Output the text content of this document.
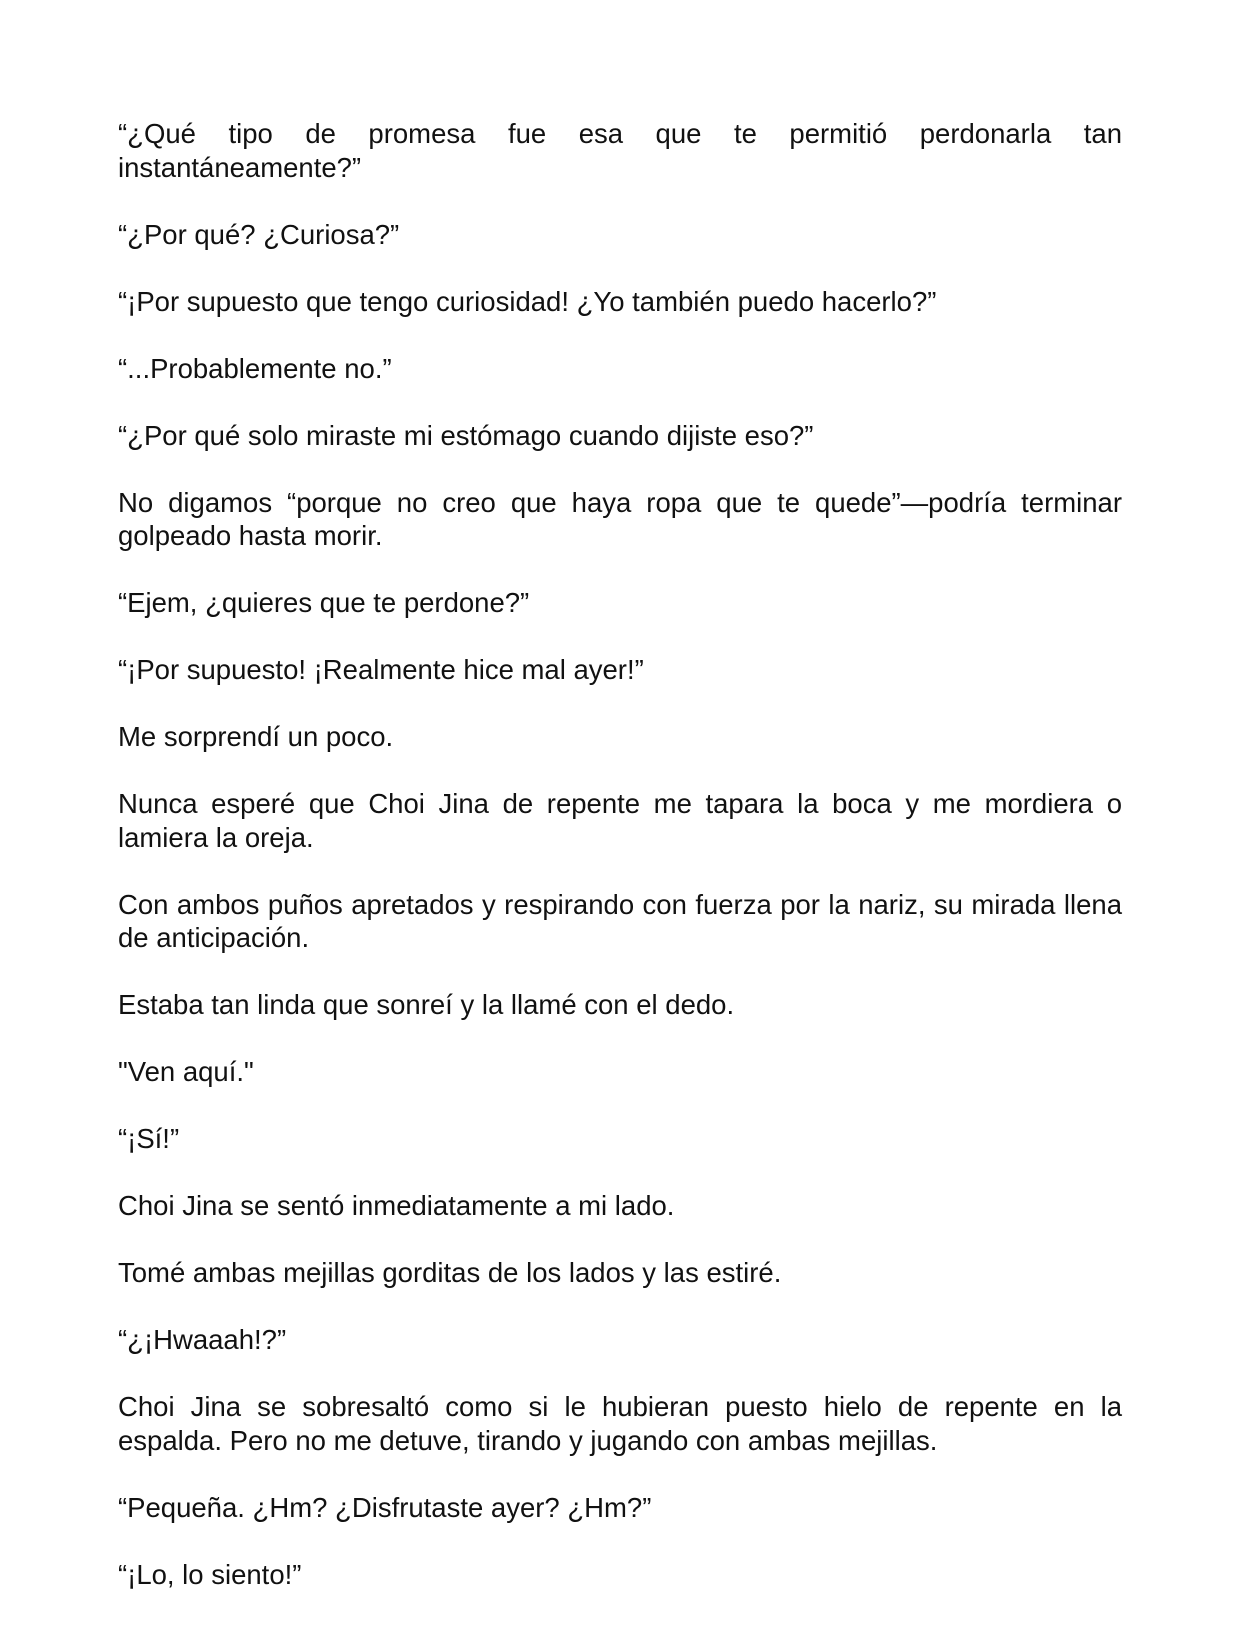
“¿Qué tipo de promesa fue esa que te permitió perdonarla tan instantáneamente?”

“¿Por qué? ¿Curiosa?”

“¡Por supuesto que tengo curiosidad! ¿Yo también puedo hacerlo?”

“...Probablemente no.”

“¿Por qué solo miraste mi estómago cuando dijiste eso?”

No digamos “porque no creo que haya ropa que te quede”—podría terminar golpeado hasta morir.

“Ejem, ¿quieres que te perdone?”

“¡Por supuesto! ¡Realmente hice mal ayer!”

Me sorprendí un poco.

Nunca esperé que Choi Jina de repente me tapara la boca y me mordiera o lamiera la oreja.

Con ambos puños apretados y respirando con fuerza por la nariz, su mirada llena de anticipación.

Estaba tan linda que sonreí y la llamé con el dedo.

"Ven aquí."

“¡Sí!”

Choi Jina se sentó inmediatamente a mi lado.

Tomé ambas mejillas gorditas de los lados y las estiré.

“¿¡Hwaaah!?”

Choi Jina se sobresaltó como si le hubieran puesto hielo de repente en la espalda. Pero no me detuve, tirando y jugando con ambas mejillas.

“Pequeña. ¿Hm? ¿Disfrutaste ayer? ¿Hm?”

“¡Lo, lo siento!”
